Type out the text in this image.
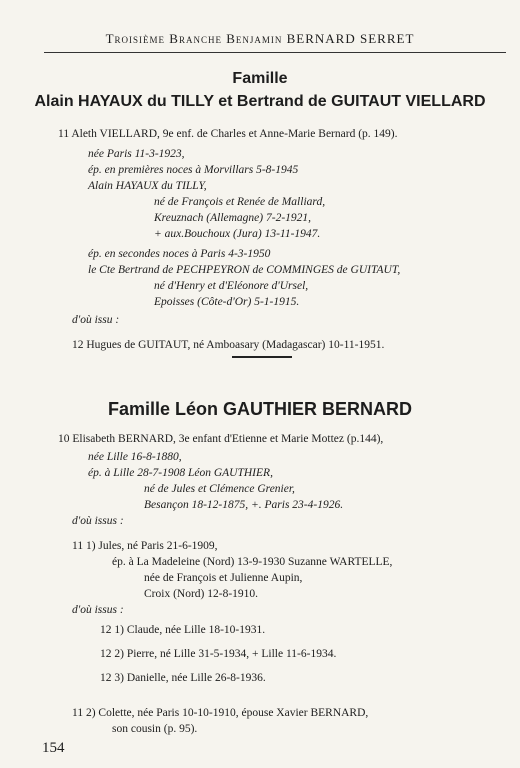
Troisième Branche Benjamin BERNARD SERRET
Famille
Alain HAYAUX du TILLY et Bertrand de GUITAUT VIELLARD
11 Aleth VIELLARD, 9e enf. de Charles et Anne-Marie Bernard (p. 149).
née Paris 11-3-1923,
ép. en premières noces à Morvillars 5-8-1945
Alain HAYAUX du TILLY,
né de François et Renée de Malliard,
Kreuznach (Allemagne) 7-2-1921,
+ aux.Bouchoux (Jura) 13-11-1947.
ép. en secondes noces à Paris 4-3-1950
le Cte Bertrand de PECHPEYRON de COMMINGES de GUITAUT,
né d'Henry et d'Eléonore d'Ursel,
Epoisses (Côte-d'Or) 5-1-1915.
d'où issu :
12 Hugues de GUITAUT, né Amboasary (Madagascar) 10-11-1951.
Famille Léon GAUTHIER BERNARD
10 Elisabeth BERNARD, 3e enfant d'Etienne et Marie Mottez (p.144),
née Lille 16-8-1880,
ép. à Lille 28-7-1908 Léon GAUTHIER,
né de Jules et Clémence Grenier,
Besançon 18-12-1875, +. Paris 23-4-1926.
d'où issus :
11 1) Jules, né Paris 21-6-1909,
ép. à La Madeleine (Nord) 13-9-1930 Suzanne WARTELLE,
née de François et Julienne Aupin,
Croix (Nord) 12-8-1910.
d'où issus :
12 1) Claude, née Lille 18-10-1931.
12 2) Pierre, né Lille 31-5-1934, + Lille 11-6-1934.
12 3) Danielle, née Lille 26-8-1936.
11 2) Colette, née Paris 10-10-1910, épouse Xavier BERNARD,
son cousin (p. 95).
154
